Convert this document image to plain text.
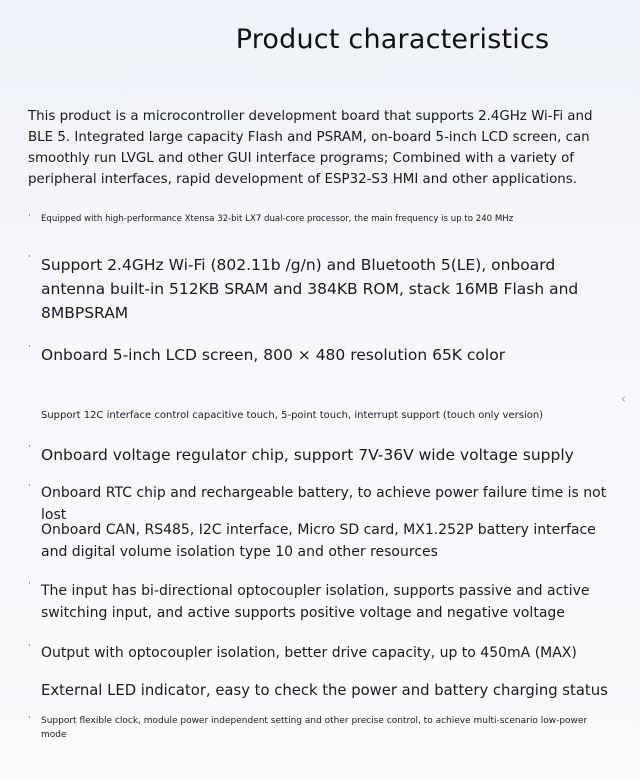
Product characteristics
This product is a microcontroller development board that supports 2.4GHz Wi-Fi and BLE 5. Integrated large capacity Flash and PSRAM, on-board 5-inch LCD screen, can smoothly run LVGL and other GUI interface programs; Combined with a variety of peripheral interfaces, rapid development of ESP32-S3 HMI and other applications.
·	Equipped with high-performance Xtensa 32-bit LX7 dual-core processor, the main frequency is up to 240 MHz
· Support 2.4GHz Wi-Fi (802.11b /g/n) and Bluetooth 5(LE), onboard antenna built-in 512KB SRAM and 384KB ROM, stack 16MB Flash and 8MBPSRAM
· Onboard 5-inch LCD screen, 800 × 480 resolution 65K color
Support 12C interface control capacitive touch, 5-point touch, interrupt support (touch only version)
· Onboard voltage regulator chip, support 7V-36V wide voltage supply
· Onboard RTC chip and rechargeable battery, to achieve power failure time is not lost
Onboard CAN, RS485, I2C interface, Micro SD card, MX1.252P battery interface and digital volume isolation type 10 and other resources
· The input has bi-directional optocoupler isolation, supports passive and active switching input, and active supports positive voltage and negative voltage
· Output with optocoupler isolation, better drive capacity, up to 450mA (MAX)
External LED indicator, easy to check the power and battery charging status
·	Support flexible clock, module power independent setting and other precise control, to achieve multi-scenario low-power mode
‹
